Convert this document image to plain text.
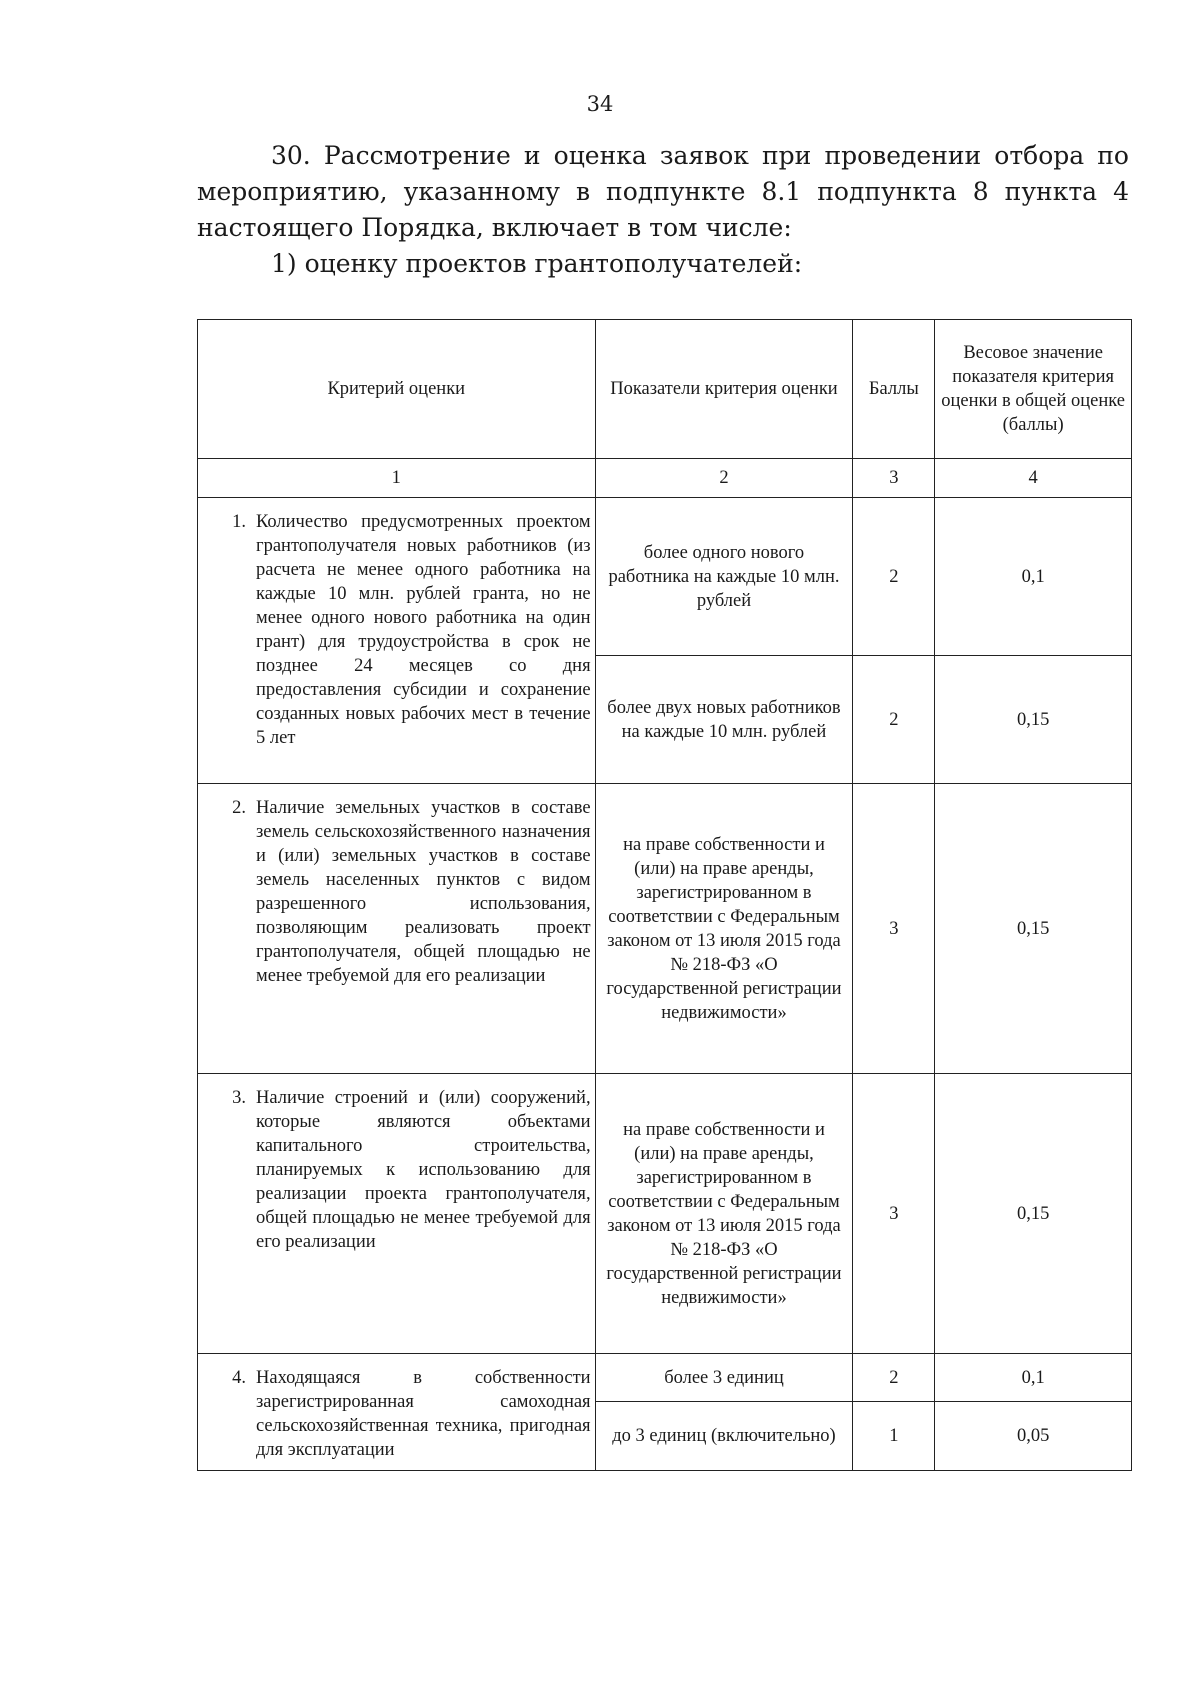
34
30. Рассмотрение и оценка заявок при проведении отбора по мероприятию, указанному в подпункте 8.1 подпункта 8 пункта 4 настоящего Порядка, включает в том числе:
1) оценку проектов грантополучателей:
Критерий оценки	Показатели критерия оценки	Баллы	Весовое значение показателя критерия оценки в общей оценке (баллы)
1	2	3	4

1. Количество предусмотренных проектом грантополучателя новых работников (из расчета не менее одного работника на каждые 10 млн. рублей гранта, но не менее одного нового работника на один грант) для трудоустройства в срок не позднее 24 месяцев со дня предоставления субсидии и сохранение созданных новых рабочих мест в течение 5 лет	более одного нового работника на каждые 10 млн. рублей	2	0,1
	более двух новых работников на каждые 10 млн. рублей	2	0,15

2. Наличие земельных участков в составе земель сельскохозяйственного назначения и (или) земельных участков в составе земель населенных пунктов с видом разрешенного использования, позволяющим реализовать проект грантополучателя, общей площадью не менее требуемой для его реализации	на праве собственности и (или) на праве аренды, зарегистрированном в соответствии с Федеральным законом от 13 июля 2015 года № 218-ФЗ «О государственной регистрации недвижимости»	3	0,15

3. Наличие строений и (или) сооружений, которые являются объектами капитального строительства, планируемых к использованию для реализации проекта грантополучателя, общей площадью не менее требуемой для его реализации	на праве собственности и (или) на праве аренды, зарегистрированном в соответствии с Федеральным законом от 13 июля 2015 года № 218-ФЗ «О государственной регистрации недвижимости»	3	0,15

4. Находящаяся в собственности зарегистрированная самоходная сельскохозяйственная техника, пригодная для эксплуатации	более 3 единиц	2	0,1
	до 3 единиц (включительно)	1	0,05
